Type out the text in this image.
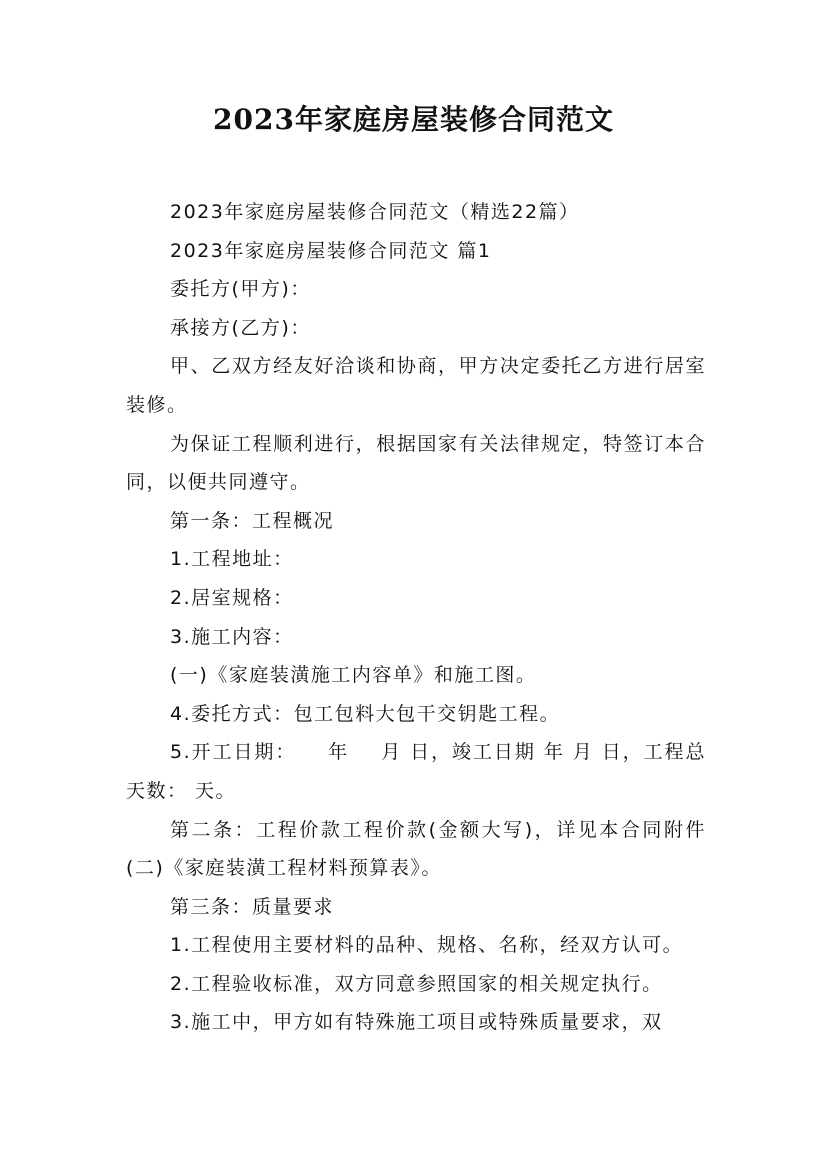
2023年家庭房屋装修合同范文

2023年家庭房屋装修合同范文（精选22篇）

2023年家庭房屋装修合同范文 篇1

委托方(甲方)：

承接方(乙方)：

甲、乙双方经友好洽谈和协商，甲方决定委托乙方进行居室装修。

为保证工程顺利进行，根据国家有关法律规定，特签订本合同，以便共同遵守。

第一条：工程概况

1.工程地址：

2.居室规格：

3.施工内容：

(一)《家庭装潢施工内容单》和施工图。

4.委托方式：包工包料大包干交钥匙工程。

5.开工日期：    年    月 日，竣工日期 年 月 日，工程总天数： 天。

第二条：工程价款工程价款(金额大写)，详见本合同附件(二)《家庭装潢工程材料预算表》。

第三条：质量要求

1.工程使用主要材料的品种、规格、名称，经双方认可。

2.工程验收标准，双方同意参照国家的相关规定执行。

3.施工中，甲方如有特殊施工项目或特殊质量要求，双
